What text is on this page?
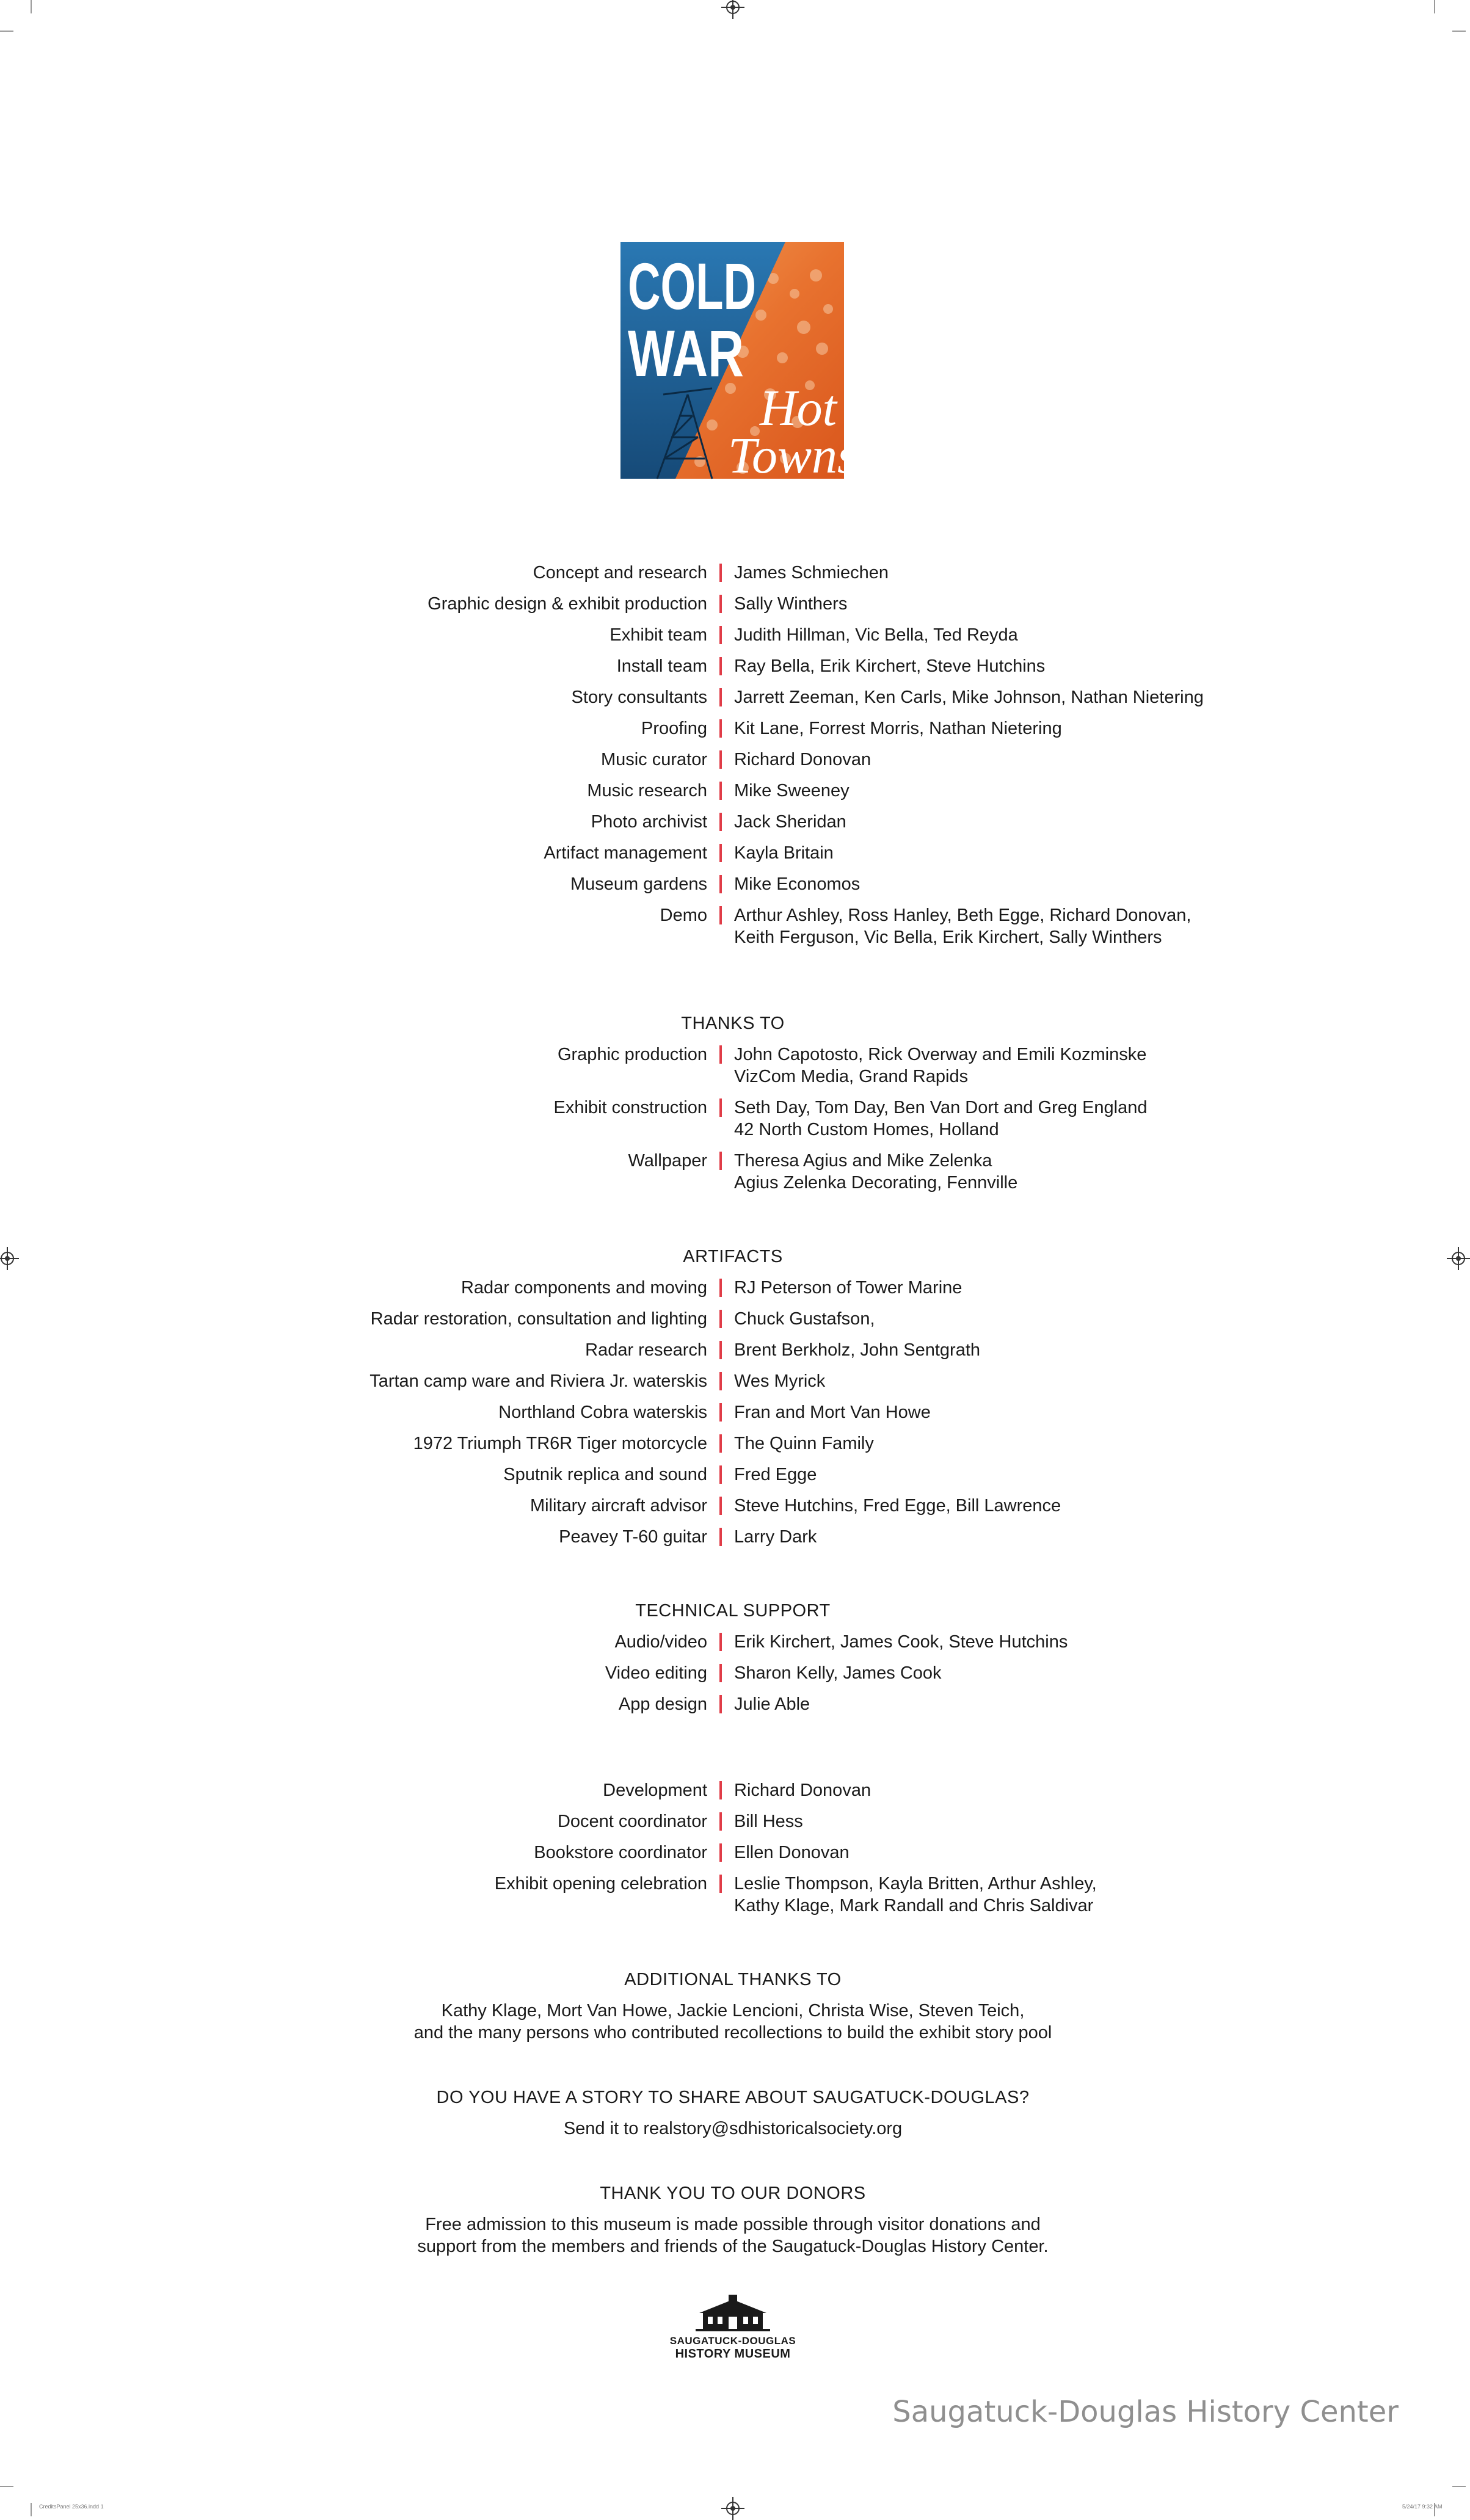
CreditsPanel 25x36.indd 1	5/24/17 9:32 AM
COLD
WAR
Hot
Towns
Concept and research	James Schmiechen
Graphic design & exhibit production	Sally Winthers
Exhibit team	Judith Hillman, Vic Bella, Ted Reyda
Install team	Ray Bella, Erik Kirchert, Steve Hutchins
Story consultants	Jarrett Zeeman, Ken Carls, Mike Johnson, Nathan Nietering
Proofing	Kit Lane, Forrest Morris, Nathan Nietering
Music curator	Richard Donovan
Music research	Mike Sweeney
Photo archivist	Jack Sheridan
Artifact management	Kayla Britain
Museum gardens	Mike Economos
Demo	Arthur Ashley, Ross Hanley, Beth Egge, Richard Donovan,
Keith Ferguson, Vic Bella, Erik Kirchert, Sally Winthers
THANKS TO
Graphic production	John Capotosto, Rick Overway and Emili Kozminske
VizCom Media, Grand Rapids
Exhibit construction	Seth Day, Tom Day, Ben Van Dort and Greg England
42 North Custom Homes, Holland
Wallpaper	Theresa Agius and Mike Zelenka
Agius Zelenka Decorating, Fennville
ARTIFACTS
Radar components and moving	RJ Peterson of Tower Marine
Radar restoration, consultation and lighting	Chuck Gustafson,
Radar research	Brent Berkholz, John Sentgrath
Tartan camp ware and Riviera Jr. waterskis	Wes Myrick
Northland Cobra waterskis	Fran and Mort Van Howe
1972 Triumph TR6R Tiger motorcycle	The Quinn Family
Sputnik replica and sound	Fred Egge
Military aircraft advisor	Steve Hutchins, Fred Egge, Bill Lawrence
Peavey T-60 guitar	Larry Dark
TECHNICAL SUPPORT
Audio/video	Erik Kirchert, James Cook, Steve Hutchins
Video editing	Sharon Kelly, James Cook
App design	Julie Able
Development	Richard Donovan
Docent coordinator	Bill Hess
Bookstore coordinator	Ellen Donovan
Exhibit opening celebration	Leslie Thompson, Kayla Britten, Arthur Ashley,
Kathy Klage, Mark Randall and Chris Saldivar
ADDITIONAL THANKS TO
Kathy Klage, Mort Van Howe, Jackie Lencioni, Christa Wise, Steven Teich,
and the many persons who contributed recollections to build the exhibit story pool
DO YOU HAVE A STORY TO SHARE ABOUT SAUGATUCK-DOUGLAS?
Send it to realstory@sdhistoricalsociety.org
THANK YOU TO OUR DONORS
Free admission to this museum is made possible through visitor donations and
support from the members and friends of the Saugatuck-Douglas History Center.
SAUGATUCK-DOUGLAS
HISTORY MUSEUM
Saugatuck-Douglas History Center
